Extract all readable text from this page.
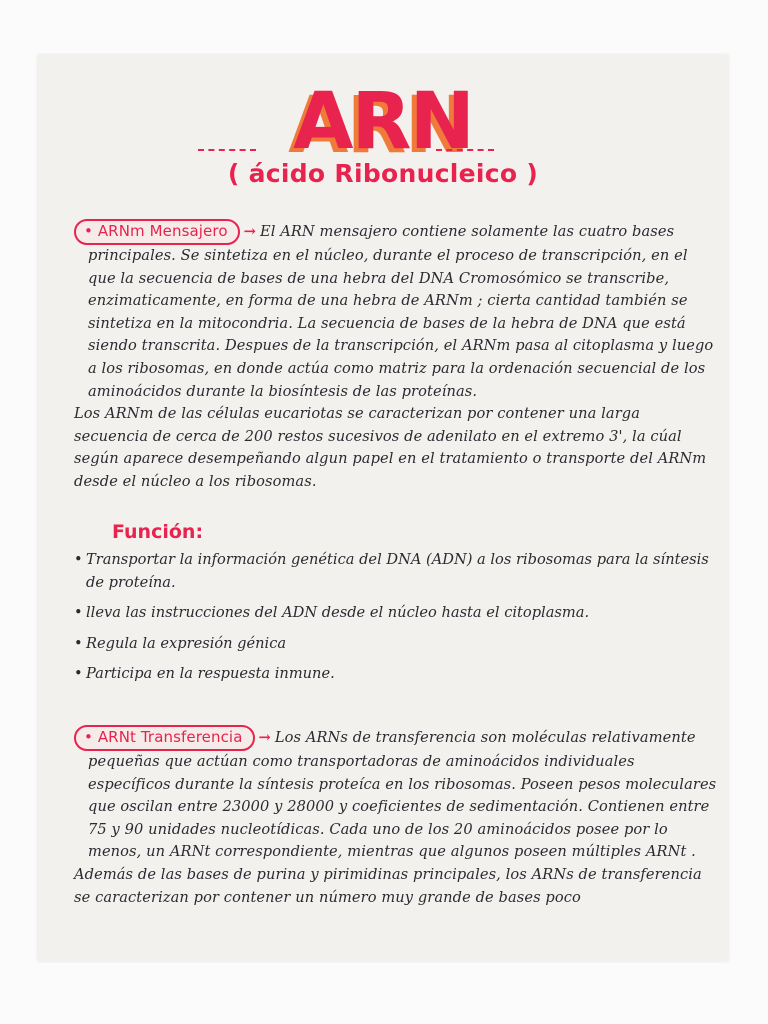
ARN
( ácido Ribonucleico )

• ARNm Mensajero → El ARN mensajero contiene solamente las cuatro bases principales. Se sintetiza en el núcleo, durante el proceso de transcripción, en el que la secuencia de bases de una hebra del DNA Cromosómico se transcribe, enzimaticamente, en forma de una hebra de ARNm ; cierta cantidad también se sintetiza en la mitocondria. La secuencia de bases de la hebra de DNA que está siendo transcrita. Despues de la transcripción, el ARNm pasa al citoplasma y luego a los ribosomas, en donde actúa como matriz para la ordenación secuencial de los aminoácidos durante la biosíntesis de las proteínas.

Los ARNm de las células eucariotas se caracterizan por contener una larga secuencia de cerca de 200 restos sucesivos de adenilato en el extremo 3', la cúal según aparece desempeñando algun papel en el tratamiento o transporte del ARNm desde el núcleo a los ribosomas.

Función:
• Transportar la información genética del DNA (ADN) a los ribosomas para la síntesis de proteína.
• lleva las instrucciones del ADN desde el núcleo hasta el citoplasma.
• Regula la expresión génica
• Participa en la respuesta inmune.

• ARNt Transferencia → Los ARNs de transferencia son moléculas relativamente pequeñas que actúan como transportadoras de aminoácidos individuales específicos durante la síntesis proteíca en los ribosomas. Poseen pesos moleculares que oscilan entre 23000 y 28000 y coeficientes de sedimentación. Contienen entre 75 y 90 unidades nucleotídicas. Cada uno de los 20 aminoácidos posee por lo menos, un ARNt correspondiente, mientras que algunos poseen múltiples ARNt .

Además de las bases de purina y pirimidinas principales, los ARNs de transferencia se caracterizan por contener un número muy grande de bases poco
